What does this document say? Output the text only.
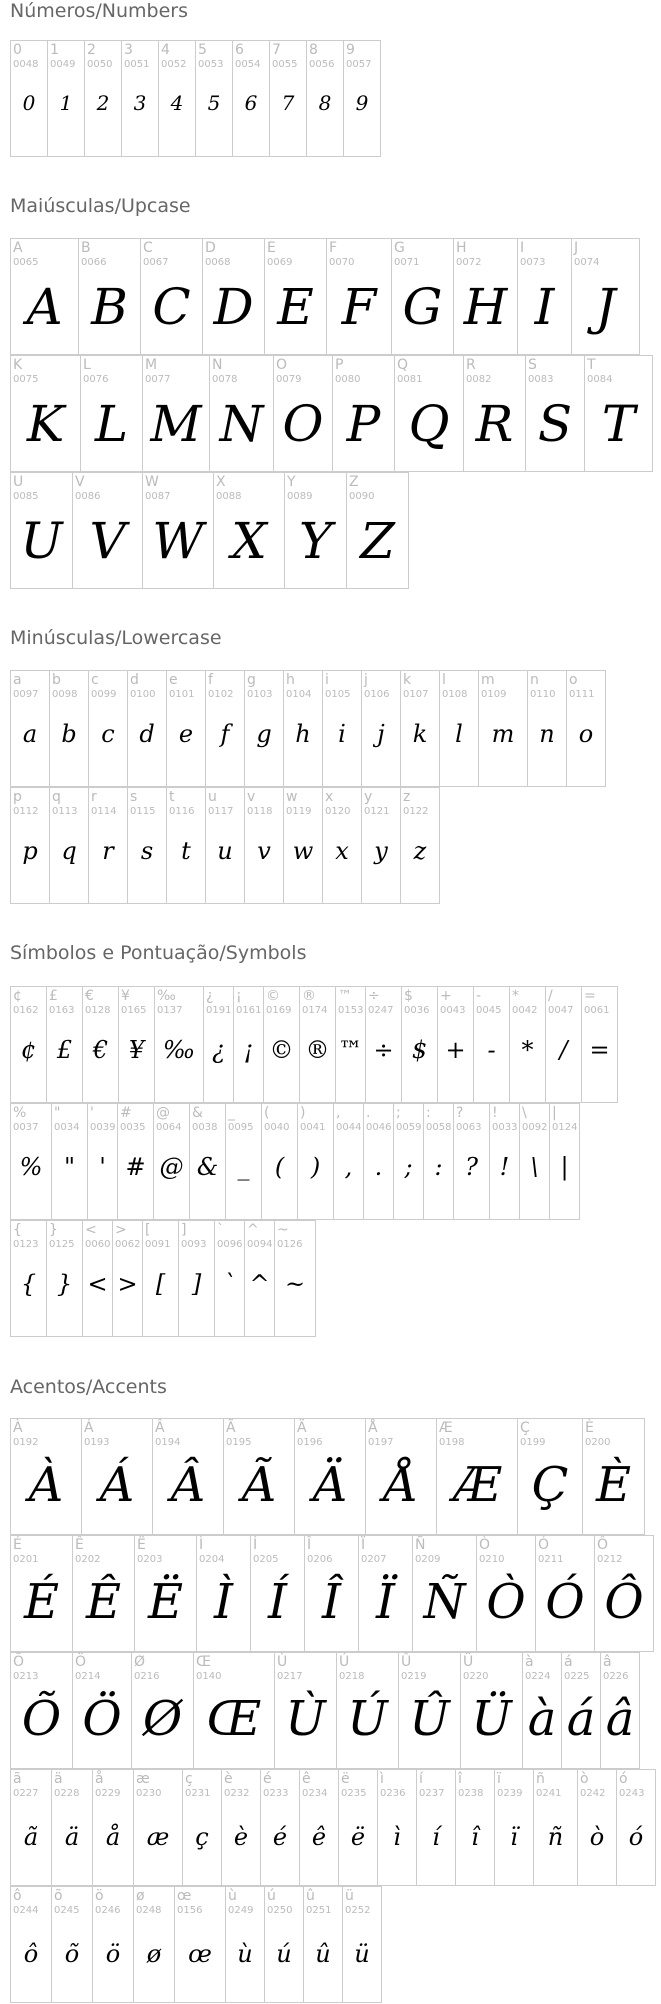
Números/Numbers
0
0048
0
1
0049
1
2
0050
2
3
0051
3
4
0052
4
5
0053
5
6
0054
6
7
0055
7
8
0056
8
9
0057
9
Maiúsculas/Upcase
A
0065
A
B
0066
B
C
0067
C
D
0068
D
E
0069
E
F
0070
F
G
0071
G
H
0072
H
I
0073
I
J
0074
J
K
0075
K
L
0076
L
M
0077
M
N
0078
N
O
0079
O
P
0080
P
Q
0081
Q
R
0082
R
S
0083
S
T
0084
T
U
0085
U
V
0086
V
W
0087
W
X
0088
X
Y
0089
Y
Z
0090
Z
Minúsculas/Lowercase
a
0097
a
b
0098
b
c
0099
c
d
0100
d
e
0101
e
f
0102
f
g
0103
g
h
0104
h
i
0105
i
j
0106
j
k
0107
k
l
0108
l
m
0109
m
n
0110
n
o
0111
o
p
0112
p
q
0113
q
r
0114
r
s
0115
s
t
0116
t
u
0117
u
v
0118
v
w
0119
w
x
0120
x
y
0121
y
z
0122
z
Símbolos e Pontuação/Symbols
¢
0162
¢
£
0163
£
€
0128
€
¥
0165
¥
‰
0137
‰
¿
0191
¿
¡
0161
¡
©
0169
©
®
0174
®
™
0153
™
÷
0247
÷
$
0036
$
+
0043
+
-
0045
-
*
0042
*
/
0047
/
=
0061
=
%
0037
%
"
0034
"
'
0039
'
#
0035
#
@
0064
@
&
0038
&
_
0095
_
(
0040
(
)
0041
)
,
0044
,
.
0046
.
;
0059
;
:
0058
:
?
0063
?
!
0033
!
\
0092
\
|
0124
|
{
0123
{
}
0125
}
<
0060
<
>
0062
>
[
0091
[
]
0093
]
`
0096
`
^
0094
^
~
0126
~
Acentos/Accents
À
0192
À
Á
0193
Á
Â
0194
Â
Ã
0195
Ã
Ä
0196
Ä
Å
0197
Å
Æ
0198
Æ
Ç
0199
Ç
È
0200
È
É
0201
É
Ê
0202
Ê
Ë
0203
Ë
Ì
0204
Ì
Í
0205
Í
Î
0206
Î
Ï
0207
Ï
Ñ
0209
Ñ
Ò
0210
Ò
Ó
0211
Ó
Ô
0212
Ô
Õ
0213
Õ
Ö
0214
Ö
Ø
0216
Ø
Œ
0140
Œ
Ù
0217
Ù
Ú
0218
Ú
Û
0219
Û
Ü
0220
Ü
à
0224
à
á
0225
á
â
0226
â
ã
0227
ã
ä
0228
ä
å
0229
å
æ
0230
æ
ç
0231
ç
è
0232
è
é
0233
é
ê
0234
ê
ë
0235
ë
ì
0236
ì
í
0237
í
î
0238
î
ï
0239
ï
ñ
0241
ñ
ò
0242
ò
ó
0243
ó
ô
0244
ô
õ
0245
õ
ö
0246
ö
ø
0248
ø
œ
0156
œ
ù
0249
ù
ú
0250
ú
û
0251
û
ü
0252
ü
